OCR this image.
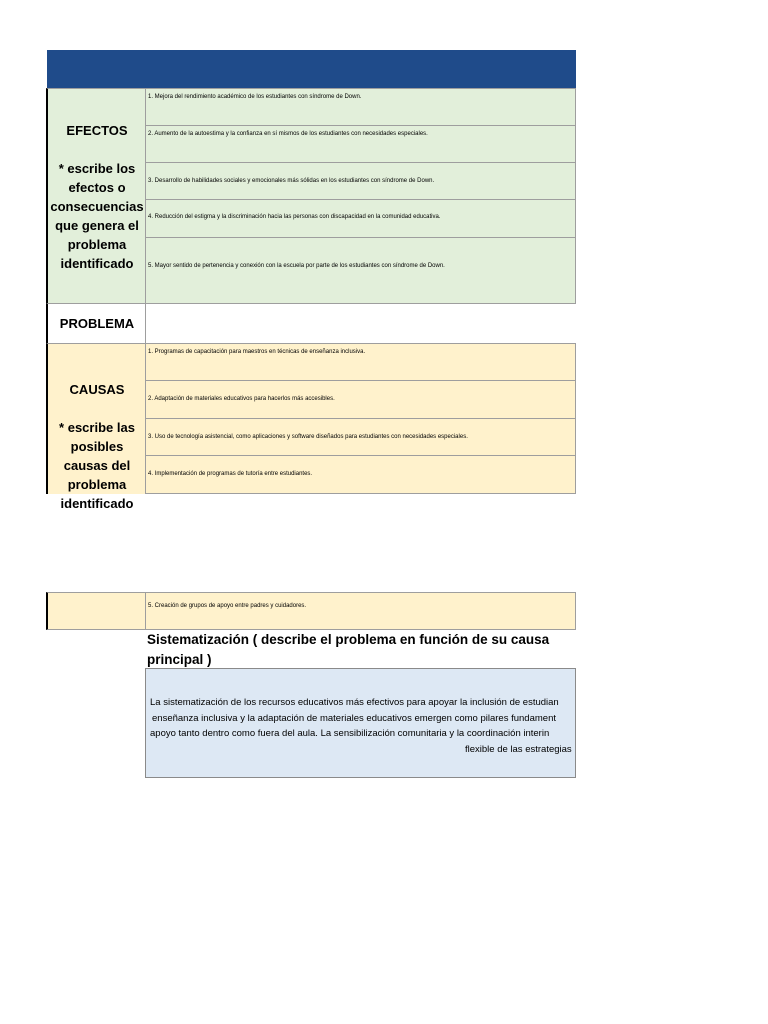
EFECTOS
* escribe los efectos o consecuencias que genera el problema identificado
1. Mejora del rendimiento académico de los estudiantes con síndrome de Down.
2. Aumento de la autoestima y la confianza en sí mismos de los estudiantes con necesidades especiales.
3. Desarrollo de habilidades sociales y emocionales más sólidas en los estudiantes con síndrome de Down.
4. Reducción del estigma y la discriminación hacia las personas con discapacidad en la comunidad educativa.
5. Mayor sentido de pertenencia y conexión con la escuela por parte de los estudiantes con síndrome de Down.
PROBLEMA
CAUSAS
* escribe las posibles causas del problema identificado
1. Programas de capacitación para maestros en técnicas de enseñanza inclusiva.
2. Adaptación de materiales educativos para hacerlos más accesibles.
3. Uso de tecnología asistencial, como aplicaciones y software diseñados para estudiantes con necesidades especiales.
4. Implementación de programas de tutoría entre estudiantes.
5. Creación de grupos de apoyo entre padres y cuidadores.
Sistematización ( describe el problema en función de su causa principal )
La sistematización de los recursos educativos más efectivos para apoyar la inclusión de estudian
enseñanza inclusiva y la adaptación de materiales educativos emergen como pilares fundament
apoyo tanto dentro como fuera del aula. La sensibilización comunitaria y la coordinación interin
flexible de las estrategias
